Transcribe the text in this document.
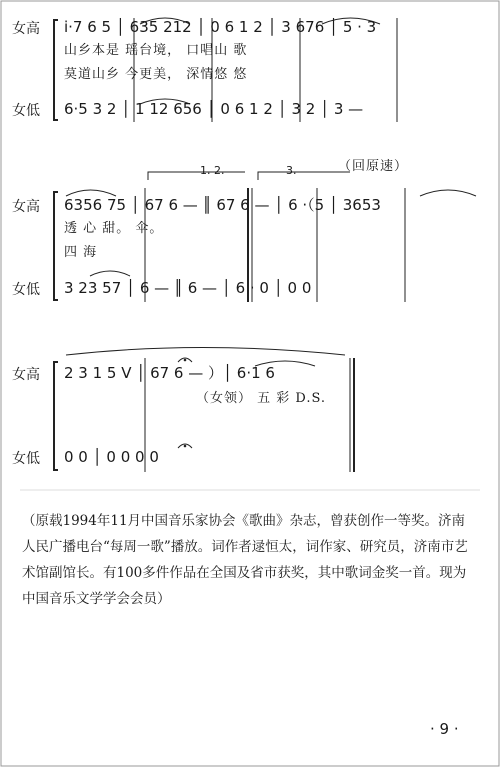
女高 i·7 6 5 │ 635 212 │ 0 6 1 2 │ 3 676 │ 5 · 3
山乡本是 瑶台境， 口唱山 歌
莫道山乡 今更美， 深情悠 悠
女低 6·5 3 2 │ 1 12 656 │ 0 6 1 2 │ 3 2 │ 3 —
1. 2.	3.	（回原速）
女高 6356 75 │ 67 6 — ║ 67 6 — │ 6 ·（5 │ 3653
透 心 甜。 伞。
四 海
女低 3 23 57 │ 6 — ║ 6 — │ 6 · 0 │ 0 0
女高 2 3 1 5 V │ 67 6 — ）│ 6·1 6
（女领） 五 彩 D.S.
女低 0 0 │ 0 0 0 0
（原载1994年11月中国音乐家协会《歌曲》杂志，曾获创作一等奖。济南人民广播电台“每周一歌”播放。词作者逯恒太，词作家、研究员，济南市艺术馆副馆长。有100多件作品在全国及省市获奖，其中歌词金奖一首。现为中国音乐文学学会会员）
· 9 ·
